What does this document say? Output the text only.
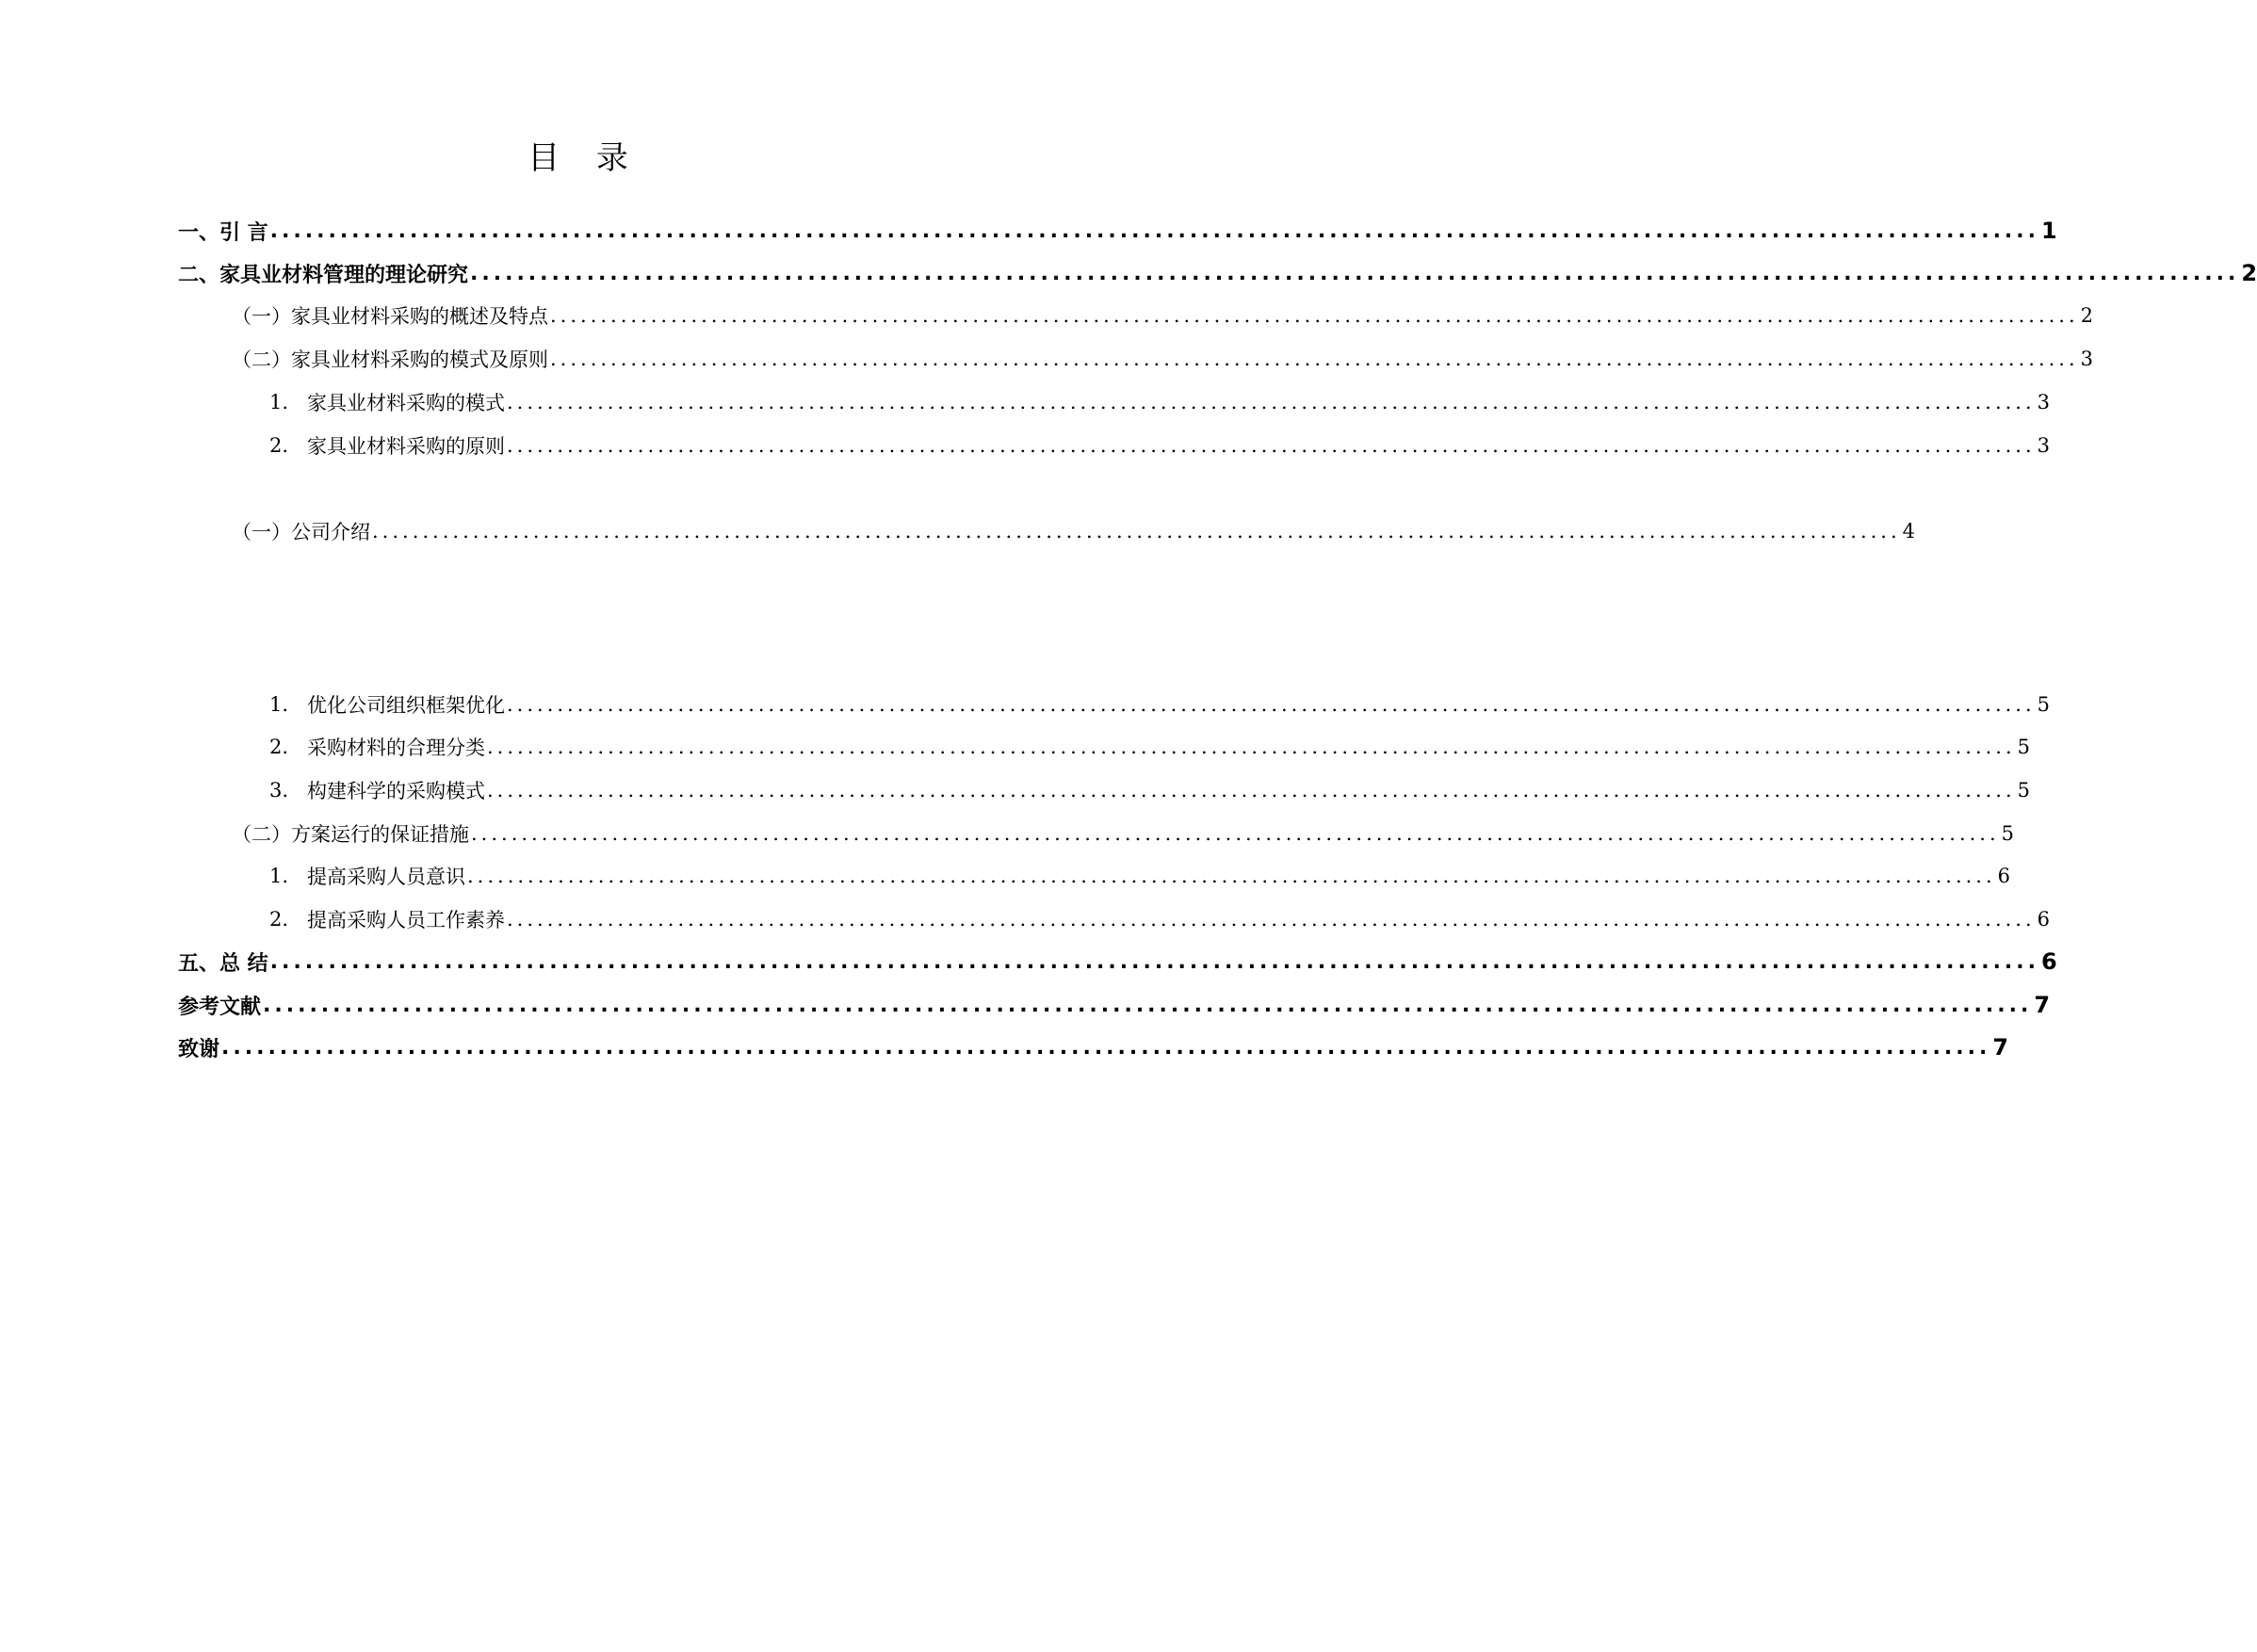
目 录
一、引 言 ........................................................................................................................................................ 1
二、家具业材料管理的理论研究 ........................................................................................................................................................ 2
（一）家具业材料采购的概述及特点 ........................................................................................................................................................ 2
（二）家具业材料采购的模式及原则 ........................................................................................................................................................ 3
1. 家具业材料采购的模式 ........................................................................................................................................................ 3
2. 家具业材料采购的原则 ........................................................................................................................................................ 3
（一）公司介绍 ........................................................................................................................................................ 4
1. 优化公司组织框架优化 ........................................................................................................................................................ 5
2. 采购材料的合理分类 ........................................................................................................................................................ 5
3. 构建科学的采购模式 ........................................................................................................................................................ 5
（二）方案运行的保证措施 ........................................................................................................................................................ 5
1. 提高采购人员意识 ........................................................................................................................................................ 6
2. 提高采购人员工作素养 ........................................................................................................................................................ 6
五、总 结 ........................................................................................................................................................ 6
参考文献 ........................................................................................................................................................ 7
致谢 ........................................................................................................................................................ 7
